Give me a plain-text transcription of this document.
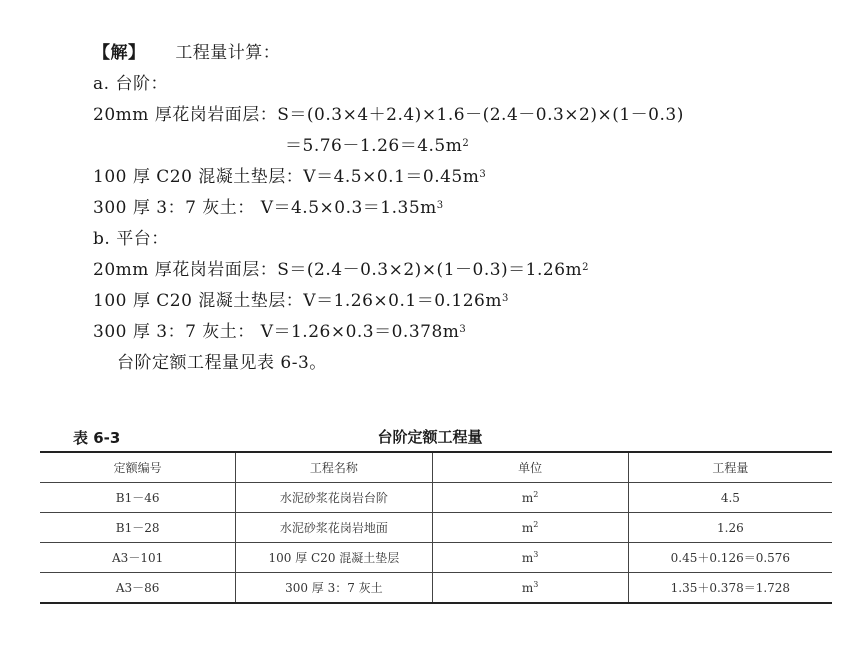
【解】 工程量计算：
a. 台阶：
20mm 厚花岗岩面层：S＝(0.3×4＋2.4)×1.6－(2.4－0.3×2)×(1－0.3)
$=5.76-1.26=4.5m^2$
100 厚 C20 混凝土垫层：$V=4.5\times 0.1=0.45m^3$
300 厚 3：7 灰土： $V=4.5\times 0.3=1.35m^3$
b. 平台：
20mm 厚花岗岩面层：$S=(2.4-0.3\times 2)\times(1-0.3)=1.26m^2$
100 厚 C20 混凝土垫层：$V=1.26\times 0.1=0.126m^3$
300 厚 3：7 灰土： $V=1.26\times 0.3=0.378m^3$
台阶定额工程量见表 6-3。
表 6-3	台阶定额工程量
定额编号	工程名称	单位	工程量
B1－46	水泥砂浆花岗岩台阶	$m^2$	4.5
B1－28	水泥砂浆花岗岩地面	$m^2$	1.26
A3－101	100 厚 C20 混凝土垫层	$m^3$	0.45＋0.126＝0.576
A3－86	300 厚 3：7 灰土	$m^3$	1.35＋0.378＝1.728
